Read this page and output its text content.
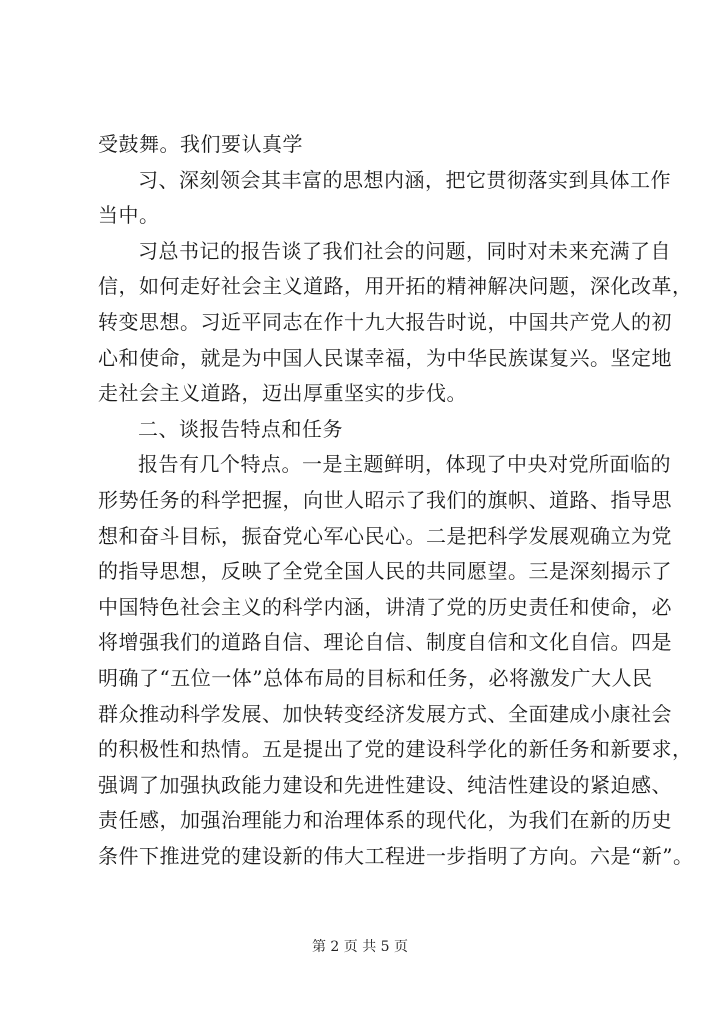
受鼓舞。我们要认真学
习、深刻领会其丰富的思想内涵，把它贯彻落实到具体工作
当中。
习总书记的报告谈了我们社会的问题，同时对未来充满了自
信，如何走好社会主义道路，用开拓的精神解决问题，深化改革，
转变思想。习近平同志在作十九大报告时说，中国共产党人的初
心和使命，就是为中国人民谋幸福，为中华民族谋复兴。坚定地
走社会主义道路，迈出厚重坚实的步伐。
二、谈报告特点和任务
报告有几个特点。一是主题鲜明，体现了中央对党所面临的
形势任务的科学把握，向世人昭示了我们的旗帜、道路、指导思
想和奋斗目标，振奋党心军心民心。二是把科学发展观确立为党
的指导思想，反映了全党全国人民的共同愿望。三是深刻揭示了
中国特色社会主义的科学内涵，讲清了党的历史责任和使命，必
将增强我们的道路自信、理论自信、制度自信和文化自信。四是
明确了“五位一体”总体布局的目标和任务，必将激发广大人民
群众推动科学发展、加快转变经济发展方式、全面建成小康社会
的积极性和热情。五是提出了党的建设科学化的新任务和新要求，
强调了加强执政能力建设和先进性建设、纯洁性建设的紧迫感、
责任感，加强治理能力和治理体系的现代化，为我们在新的历史
条件下推进党的建设新的伟大工程进一步指明了方向。六是“新”。
第 2 页 共 5 页
